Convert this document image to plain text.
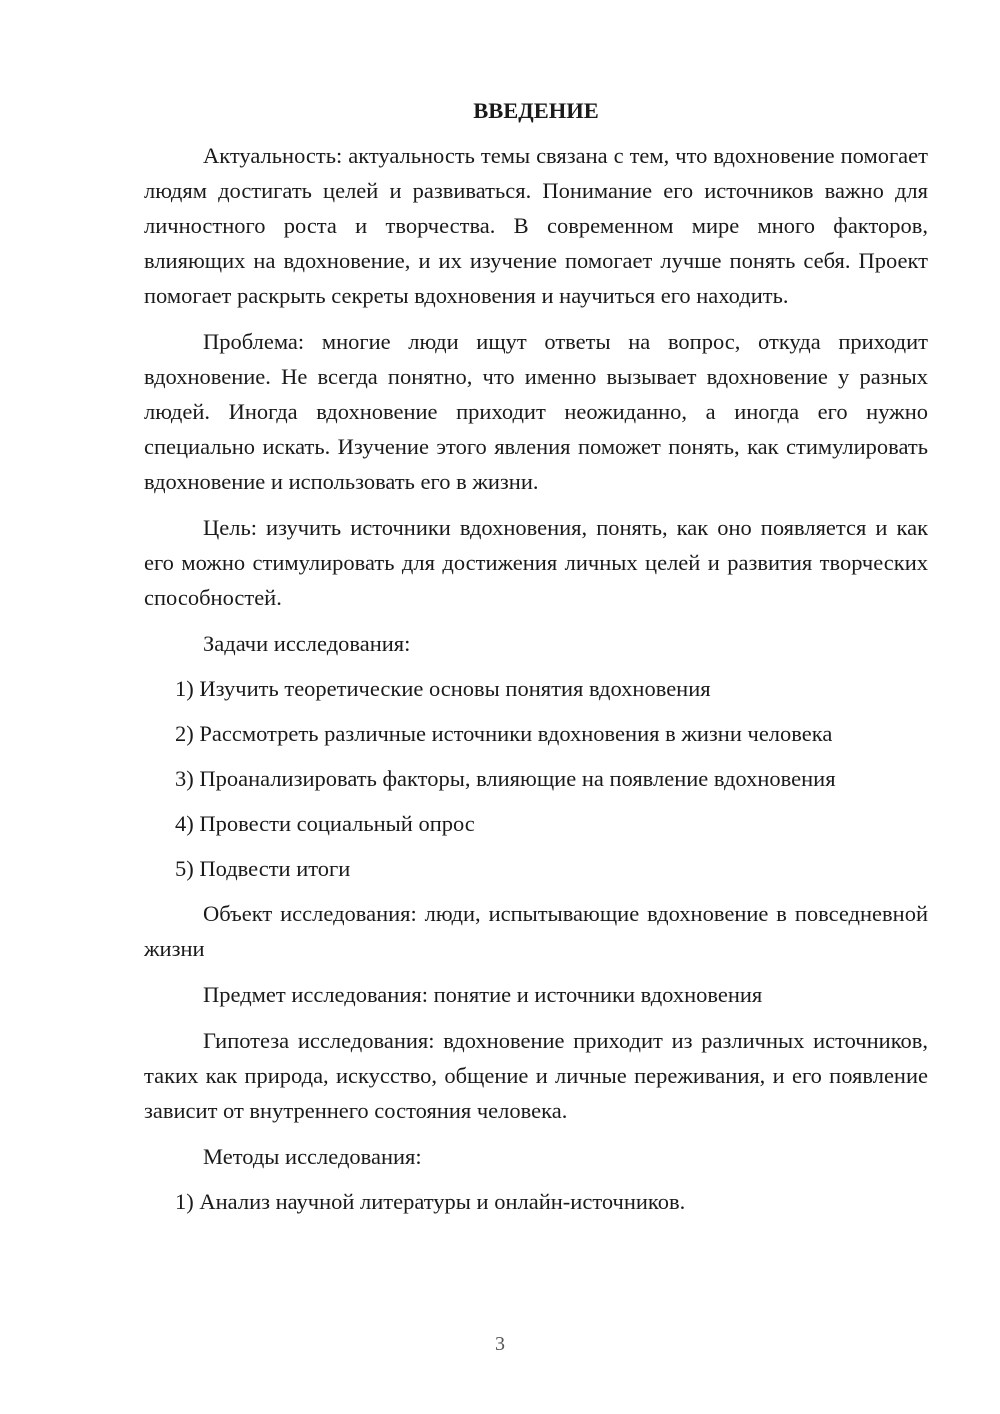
ВВЕДЕНИЕ

Актуальность: актуальность темы связана с тем, что вдохновение помогает людям достигать целей и развиваться. Понимание его источников важно для личностного роста и творчества. В современном мире много факторов, влияющих на вдохновение, и их изучение помогает лучше понять себя. Проект помогает раскрыть секреты вдохновения и научиться его находить.

Проблема: многие люди ищут ответы на вопрос, откуда приходит вдохновение. Не всегда понятно, что именно вызывает вдохновение у разных людей. Иногда вдохновение приходит неожиданно, а иногда его нужно специально искать. Изучение этого явления поможет понять, как стимулировать вдохновение и использовать его в жизни.

Цель: изучить источники вдохновения, понять, как оно появляется и как его можно стимулировать для достижения личных целей и развития творческих способностей.

Задачи исследования:

1) Изучить теоретические основы понятия вдохновения
2) Рассмотреть различные источники вдохновения в жизни человека
3) Проанализировать факторы, влияющие на появление вдохновения
4) Провести социальный опрос
5) Подвести итоги

Объект исследования: люди, испытывающие вдохновение в повседневной жизни

Предмет исследования: понятие и источники вдохновения

Гипотеза исследования: вдохновение приходит из различных источников, таких как природа, искусство, общение и личные переживания, и его появление зависит от внутреннего состояния человека.

Методы исследования:

1) Анализ научной литературы и онлайн-источников.
3
